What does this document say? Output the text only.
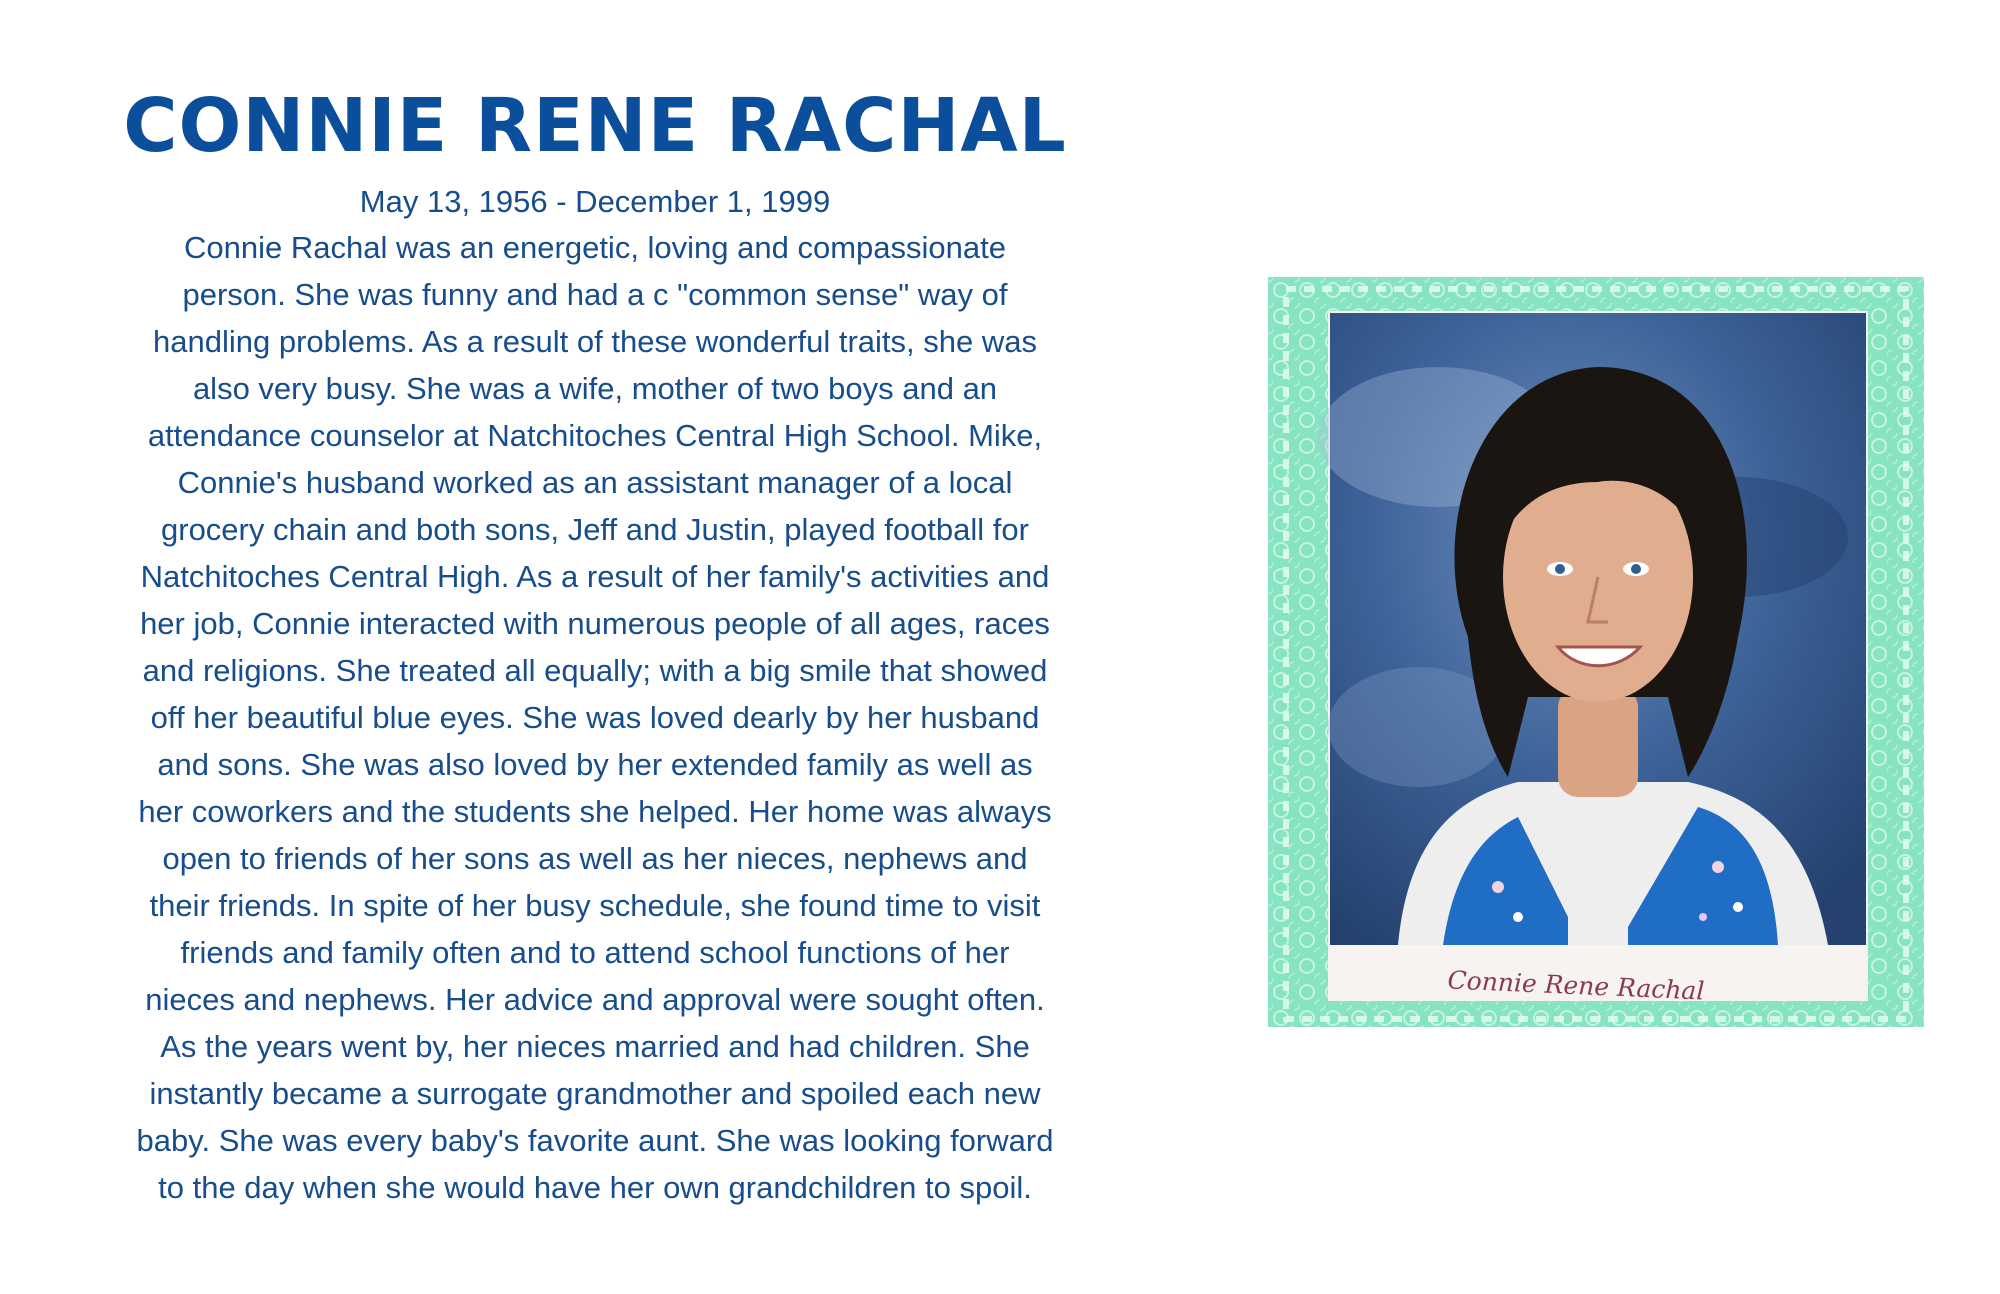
CONNIE RENE RACHAL

May 13, 1956 - December 1, 1999

Connie Rachal was an energetic, loving and compassionate
person. She was funny and had a c "common sense" way of
handling problems. As a result of these wonderful traits, she was
also very busy. She was a wife, mother of two boys and an
attendance counselor at Natchitoches Central High School. Mike,
Connie's husband worked as an assistant manager of a local
grocery chain and both sons, Jeff and Justin, played football for
Natchitoches Central High. As a result of her family's activities and
her job, Connie interacted with numerous people of all ages, races
and religions. She treated all equally; with a big smile that showed
off her beautiful blue eyes. She was loved dearly by her husband
and sons. She was also loved by her extended family as well as
her coworkers and the students she helped. Her home was always
open to friends of her sons as well as her nieces, nephews and
their friends. In spite of her busy schedule, she found time to visit
friends and family often and to attend school functions of her
nieces and nephews. Her advice and approval were sought often.
As the years went by, her nieces married and had children. She
instantly became a surrogate grandmother and spoiled each new
baby. She was every baby's favorite aunt. She was looking forward
to the day when she would have her own grandchildren to spoil.
Connie Rene Rachal
